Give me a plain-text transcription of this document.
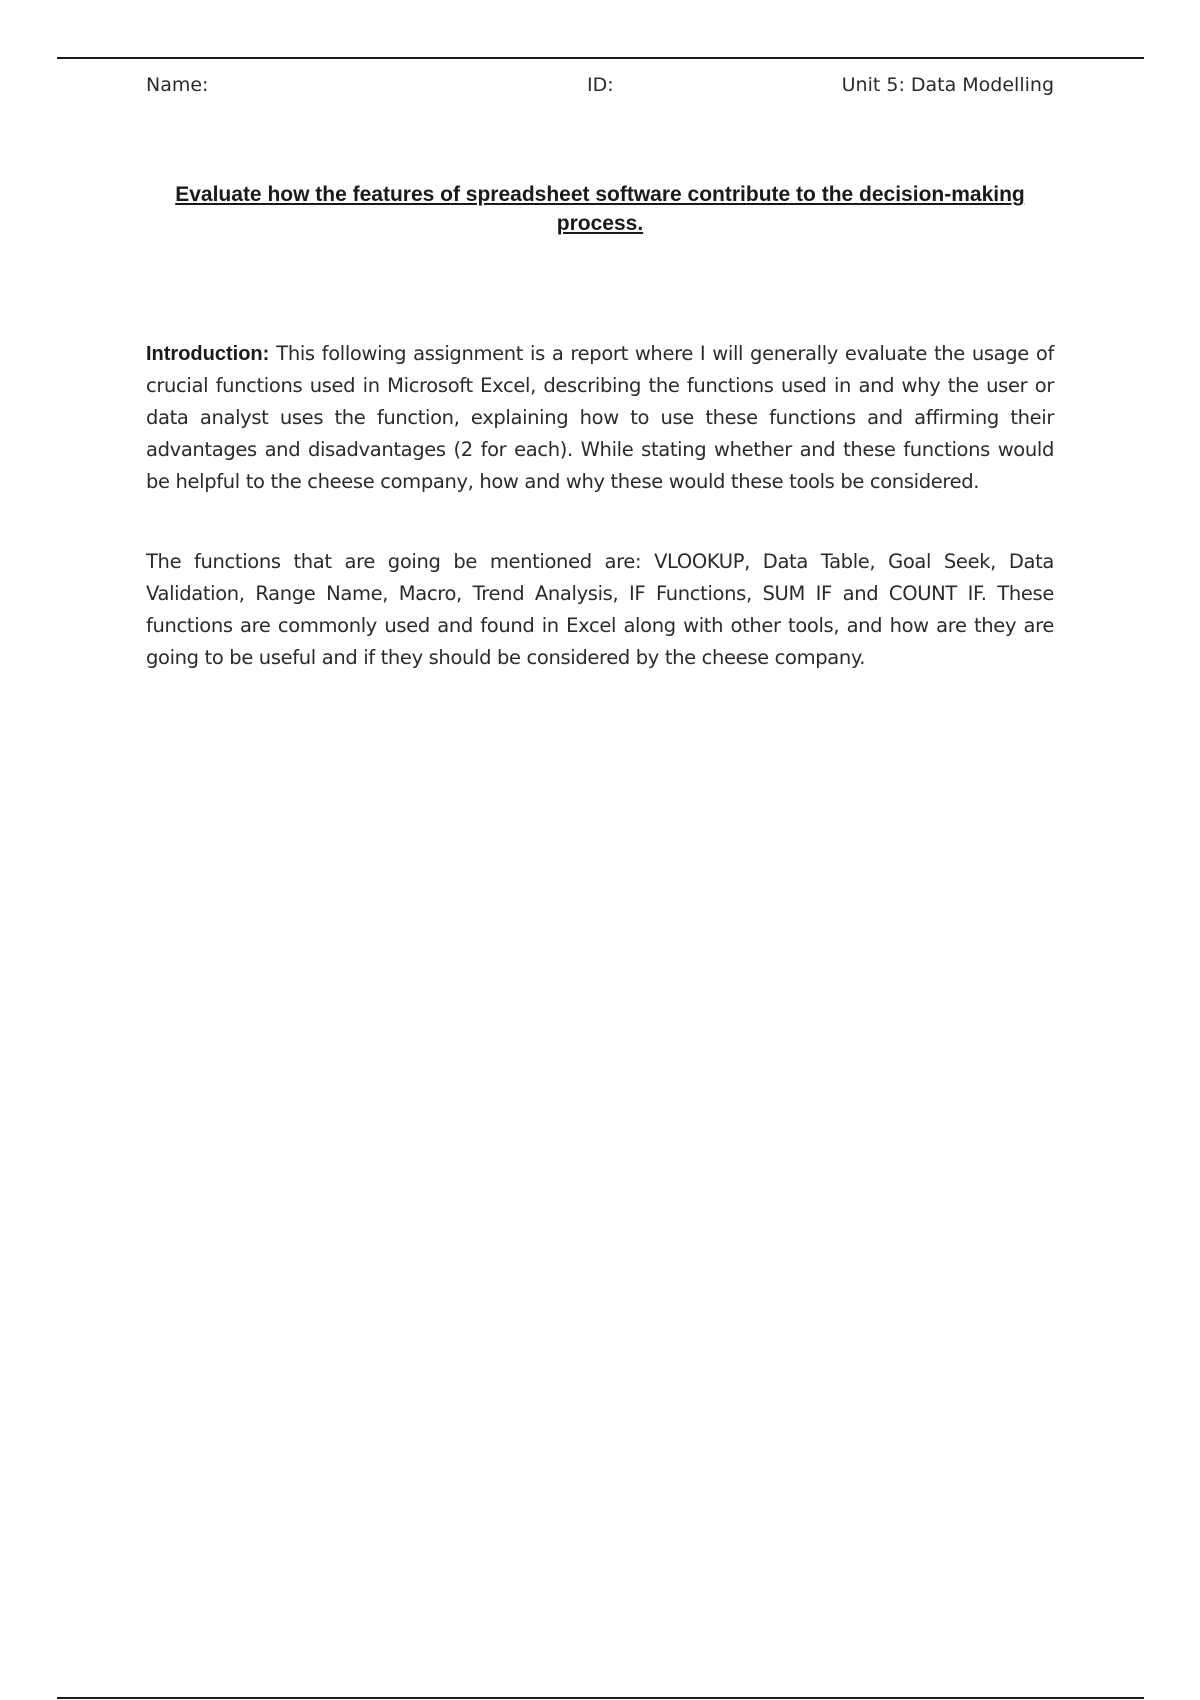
Name:	ID:	Unit 5: Data Modelling
Evaluate how the features of spreadsheet software contribute to the decision-making process.

Introduction: This following assignment is a report where I will generally evaluate the usage of crucial functions used in Microsoft Excel, describing the functions used in and why the user or data analyst uses the function, explaining how to use these functions and affirming their advantages and disadvantages (2 for each). While stating whether and these functions would be helpful to the cheese company, how and why these would these tools be considered.

The functions that are going be mentioned are: VLOOKUP, Data Table, Goal Seek, Data Validation, Range Name, Macro, Trend Analysis, IF Functions, SUM IF and COUNT IF. These functions are commonly used and found in Excel along with other tools, and how are they are going to be useful and if they should be considered by the cheese company.
